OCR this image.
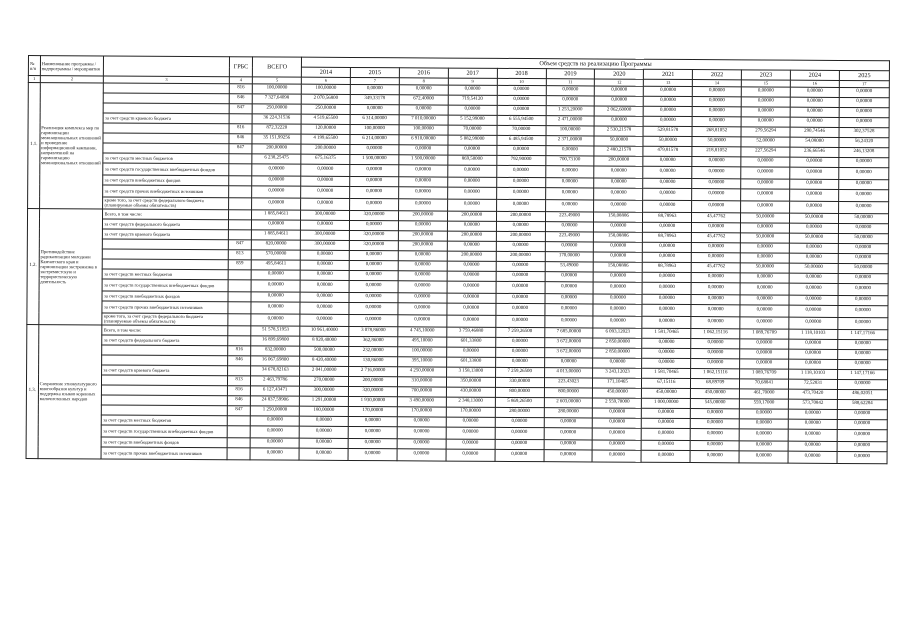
№ п/п	Наименование программы / подпрограммы / мероприятия		ГРБС	ВСЕГО	Объем средств на реализацию Программы											
					2014	2015	2016	2017	2018	2019	2020	2021	2022	2023	2024	2025
1	2	3	4	5	6	7	8	9	10	11	12	13	14	15	16	17
1.1.	Реализация комплекса мер по гармонизации межнациональных отношений и проведение информационной кампании, направленной на гармонизацию межнациональных отношений		816	100,00000	100,00000	0,00000	0,00000	0,00000	0,00000	0,00000	0,00000	0,00000	0,00000	0,00000	0,00000	0,00000
			846	7 327,64098	2 070,56800	349,33178	672,40000	719,54120	0,00000	0,00000	0,00000	0,00000	0,00000	0,00000	0,00000	0,00000
			847	250,00000	250,00000	0,00000	0,00000	0,00000	0,00000	1 253,20000	2 062,60000	0,00000	0,00000	0,00000	0,00000	0,00000
		за счет средств краевого бюджета		36 224,31536	4 519,65500	6 314,00000	7 010,00000	5 152,99000	6 555,94500	2 471,00000	0,00000	0,00000	0,00000	0,00000	0,00000	0,00000
			816	872,32220	120,00000	100,00000	100,00000	70,00000	70,00000	100,00000	2 530,21578	529,81578	268,81052	279,56294	290,74546	302,37528
			846	35 151,99256	4 199,65500	6 214,00000	6 910,00000	5 082,99000	6 485,94500	2 371,00000	50,00000	50,00000	50,00000	52,00000	54,08000	56,24320
			847	200,00000	200,00000	0,00000	0,00000	0,00000	0,00000	0,00000	2 480,21578	479,81578	218,81052	227,56294	236,66546	246,13208
		за счет средств местных бюджетов		6 238,25475	675,16375	1 500,00000	1 500,00000	869,50000	792,90000	700,73100	200,00000	0,00000	0,00000	0,00000	0,00000	0,00000
		за счет средств государственных внебюджетных фондов		0,00000	0,00000	0,00000	0,00000	0,00000	0,00000	0,00000	0,00000	0,00000	0,00000	0,00000	0,00000	0,00000
		за счет средств внебюджетных фондов		0,00000	0,00000	0,00000	0,00000	0,00000	0,00000	0,00000	0,00000	0,00000	0,00000	0,00000	0,00000	0,00000
		за счет средств прочих внебюджетных источников		0,00000	0,00000	0,00000	0,00000	0,00000	0,00000	0,00000	0,00000	0,00000	0,00000	0,00000	0,00000	0,00000
		кроме того, за счет средств федерального бюджета (планируемые объемы обязательств)		0,00000	0,00000	0,00000	0,00000	0,00000	0,00000	0,00000	0,00000	0,00000	0,00000	0,00000	0,00000	0,00000
1.2.	Противодействие радикализации молодежи Камчатского края и гармонизации экстремизма в экстремистскую и террористическую деятельность	Всего, в том числе:		1 885,84611	300,00000	320,00000	200,00000	200,00000	200,00000	223,49000	158,08886	88,78963	45,47762	50,00000	50,00000	50,00000
		за счет средств федерального бюджета		0,00000	0,00000	0,00000	0,00000	0,00000	0,00000	0,00000	0,00000	0,00000	0,00000	0,00000	0,00000	0,00000
		за счет средств краевого бюджета		1 885,84611	300,00000	320,00000	200,00000	200,00000	200,00000	223,49000	158,08886	88,78963	45,47762	50,00000	50,00000	50,00000
			847	820,00000	300,00000	320,00000	200,00000	0,00000	0,00000	0,00000	0,00000	0,00000	0,00000	0,00000	0,00000	0,00000
			813	570,00000	0,00000	0,00000	0,00000	200,00000	200,00000	170,00000	0,00000	0,00000	0,00000	0,00000	0,00000	0,00000
			859	495,84611	0,00000	0,00000	0,00000	0,00000	0,00000	53,49000	158,08886	88,78963	45,47762	50,00000	50,00000	50,00000
		за счет средств местных бюджетов		0,00000	0,00000	0,00000	0,00000	0,00000	0,00000	0,00000	0,00000	0,00000	0,00000	0,00000	0,00000	0,00000
		за счет средств государственных внебюджетных фондов		0,00000	0,00000	0,00000	0,00000	0,00000	0,00000	0,00000	0,00000	0,00000	0,00000	0,00000	0,00000	0,00000
		за счет средств внебюджетных фондов		0,00000	0,00000	0,00000	0,00000	0,00000	0,00000	0,00000	0,00000	0,00000	0,00000	0,00000	0,00000	0,00000
		за счет средств прочих внебюджетных источников		0,00000	0,00000	0,00000	0,00000	0,00000	0,00000	0,00000	0,00000	0,00000	0,00000	0,00000	0,00000	0,00000
		кроме того, за счет средств федерального бюджета (планируемые объемы обязательств)		0,00000	0,00000	0,00000	0,00000	0,00000	0,00000	0,00000	0,00000	0,00000	0,00000	0,00000	0,00000	0,00000
1.3.	Сохранение этнокультурного многообразия культур и поддержка языков коренных малочисленных народов	Всего, в том числе:		51 578,51953	10 961,40000	3 078,86000	4 745,10000	3 759,46880	7 259,26500	7 685,00000	6 093,12023	1 581,70465	1 062,15116	1 089,76709	1 118,10103	1 147,17166
		за счет средств федерального бюджета		16 899,69800	8 920,40000	362,86000	495,10000	601,33800	0,00000	3 672,00000	2 850,00000	0,00000	0,00000	0,00000	0,00000	0,00000
			816	832,00000	500,00000	232,00000	100,00000	0,00000	0,00000	3 672,00000	2 850,00000	0,00000	0,00000	0,00000	0,00000	0,00000
			846	16 067,69800	8 420,40000	130,86000	395,10000	601,33800	0,00000	0,00000	0,00000	0,00000	0,00000	0,00000	0,00000	0,00000
		за счет средств краевого бюджета		34 678,82163	2 041,00000	2 716,00000	4 250,00000	3 158,13000	7 259,26500	4 013,00000	3 243,12023	1 581,70465	1 062,15116	1 089,76709	1 118,10103	1 147,17166
			813	2 463,79786	270,00000	200,00000	310,00000	350,00000	330,00000	223,43023	171,10465	67,15116	68,89709	70,68841	72,52831	0,00000
			816	6 127,43471	300,00000	320,00000	700,00000	430,00000	800,00000	800,00000	450,00000	450,00000	450,00000	461,70000	473,70420	486,02051
			846	24 837,59906	1 291,00000	1 930,00000	3 490,00000	2 348,13000	5 869,26500	2 603,00000	2 559,70000	1 000,00000	545,00000	559,17000	573,70842	588,62284
			847	1 250,00000	180,00000	170,00000	170,00000	170,00000	280,00000	280,00000	0,00000	0,00000	0,00000	0,00000	0,00000	0,00000
		за счет средств местных бюджетов		0,00000	0,00000	0,00000	0,00000	0,00000	0,00000	0,00000	0,00000	0,00000	0,00000	0,00000	0,00000	0,00000
		за счет средств государственных внебюджетных фондов		0,00000	0,00000	0,00000	0,00000	0,00000	0,00000	0,00000	0,00000	0,00000	0,00000	0,00000	0,00000	0,00000
		за счет средств внебюджетных фондов		0,00000	0,00000	0,00000	0,00000	0,00000	0,00000	0,00000	0,00000	0,00000	0,00000	0,00000	0,00000	0,00000
		за счет средств прочих внебюджетных источников		0,00000	0,00000	0,00000	0,00000	0,00000	0,00000	0,00000	0,00000	0,00000	0,00000	0,00000	0,00000	0,00000
